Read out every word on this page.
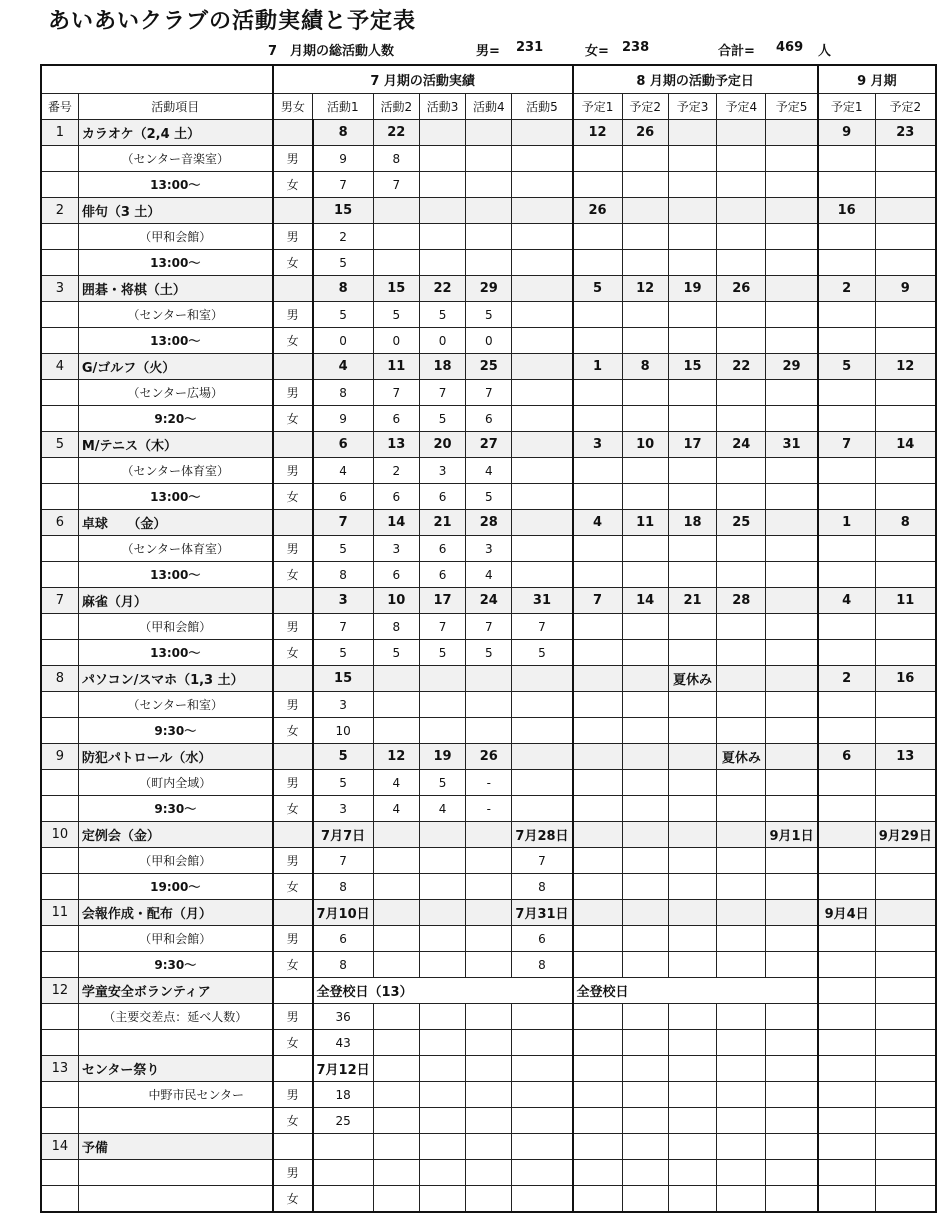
あいあいクラブの活動実績と予定表
7　月期の総活動人数	男= 231	女= 238	合計= 469 人
		7 月期の活動実績						8 月期の活動予定日					9 月期	
番号	活動項目	男女	活動1	活動2	活動3	活動4	活動5	予定1	予定2	予定3	予定4	予定5	予定1	予定2
1	カラオケ（2,4 土）		8	22				12	26				9	23
	（センター音楽室）	男	9	8										
	13:00～	女	7	7										
2	俳句（3 土）		15					26					16	
	（甲和会館）	男	2											
	13:00～	女	5											
3	囲碁・将棋（土）		8	15	22	29		5	12	19	26		2	9
	（センター和室）	男	5	5	5	5								
	13:00～	女	0	0	0	0								
4	G/ゴルフ（火）		4	11	18	25		1	8	15	22	29	5	12
	（センター広場）	男	8	7	7	7								
	9:20～	女	9	6	5	6								
5	M/テニス（木）		6	13	20	27		3	10	17	24	31	7	14
	（センター体育室）	男	4	2	3	4								
	13:00～	女	6	6	6	5								
6	卓球　　（金）		7	14	21	28		4	11	18	25		1	8
	（センター体育室）	男	5	3	6	3								
	13:00～	女	8	6	6	4								
7	麻雀（月）		3	10	17	24	31	7	14	21	28		4	11
	（甲和会館）	男	7	8	7	7	7							
	13:00～	女	5	5	5	5	5							
8	パソコン/スマホ（1,3 土）		15							夏休み			2	16
	（センター和室）	男	3											
	9:30～	女	10											
9	防犯パトロール（水）		5	12	19	26					夏休み		6	13
	（町内全域）	男	5	4	5	-								
	9:30～	女	3	4	4	-								
10	定例会（金）		7月7日				7月28日					9月1日		9月29日
	（甲和会館）	男	7				7							
	19:00～	女	8				8							
11	会報作成・配布（月）		7月10日				7月31日						9月4日	
	（甲和会館）	男	6				6							
	9:30～	女	8				8							
12	学童安全ボランティア		全登校日（13）					全登校日						
	（主要交差点：延べ人数）	男	36											
		女	43											
13	センター祭り		7月12日											
	中野市民センター	男	18											
		女	25											
14	予備													
		男												
		女												
